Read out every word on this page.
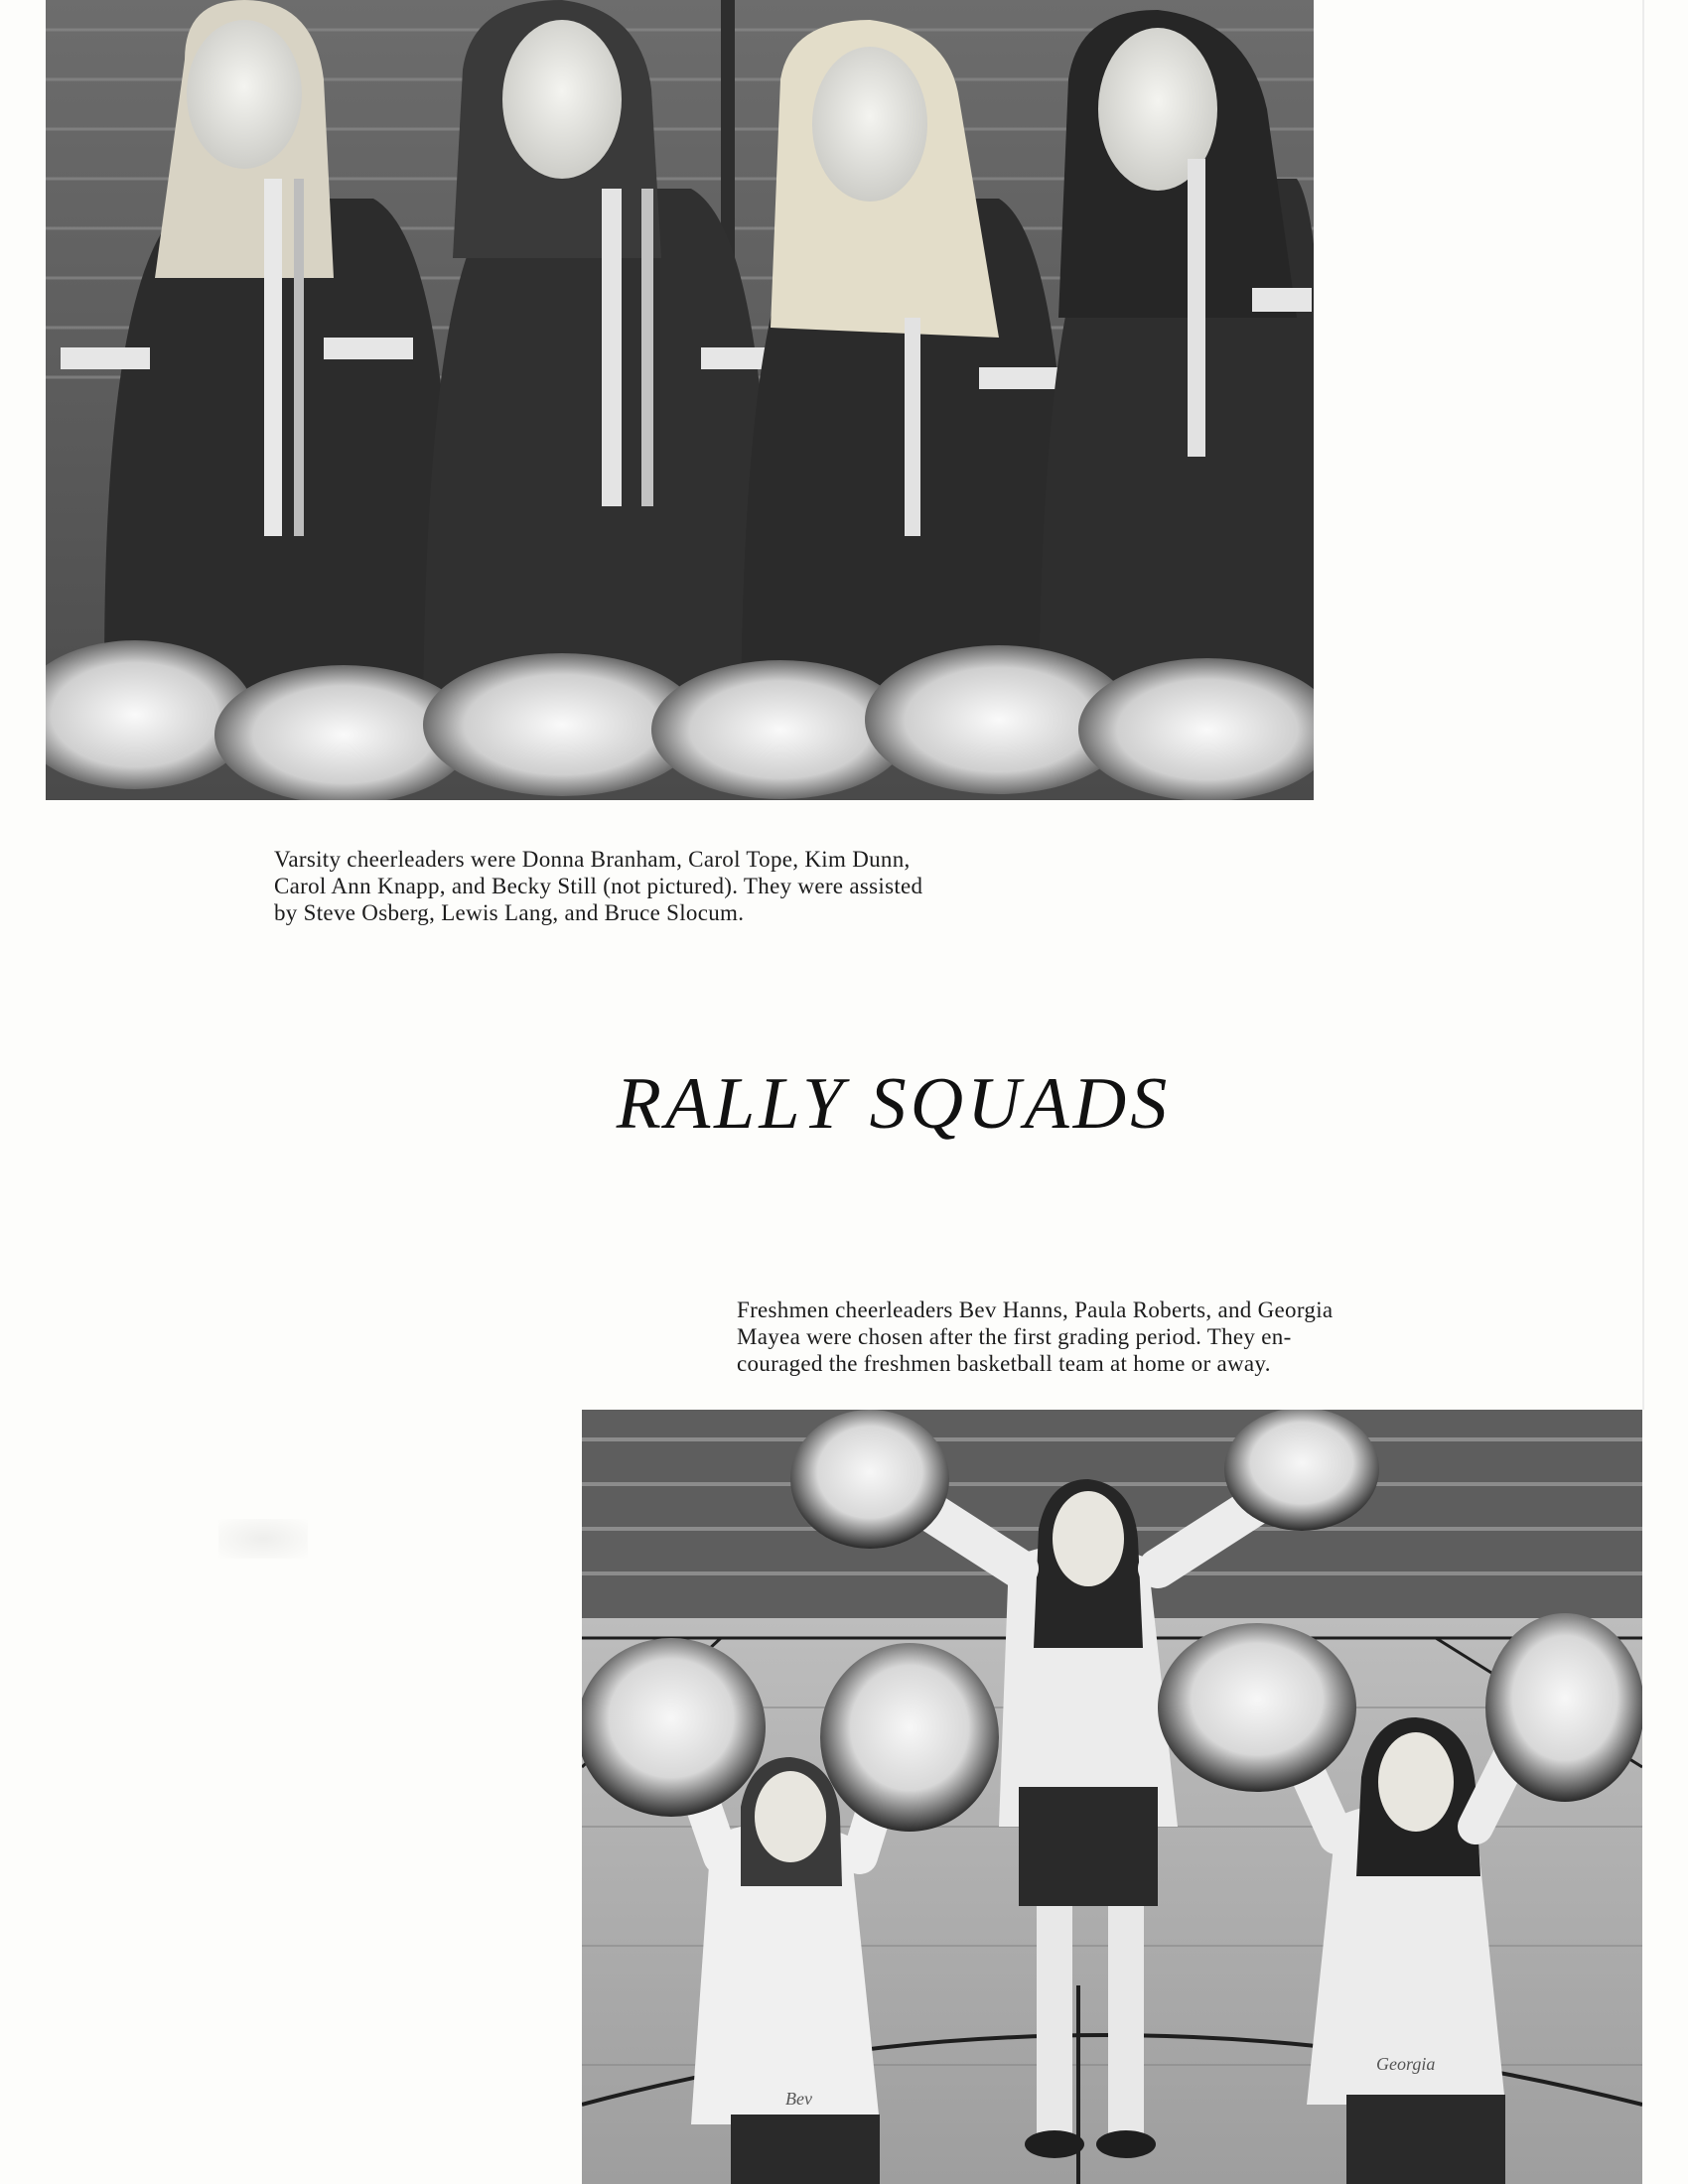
Varsity cheerleaders were Donna Branham, Carol Tope, Kim Dunn,
Carol Ann Knapp, and Becky Still (not pictured). They were assisted
by Steve Osberg, Lewis Lang, and Bruce Slocum.
RALLY SQUADS
Freshmen cheerleaders Bev Hanns, Paula Roberts, and Georgia
Mayea were chosen after the first grading period. They en-
couraged the freshmen basketball team at home or away.
Bev
Georgia
